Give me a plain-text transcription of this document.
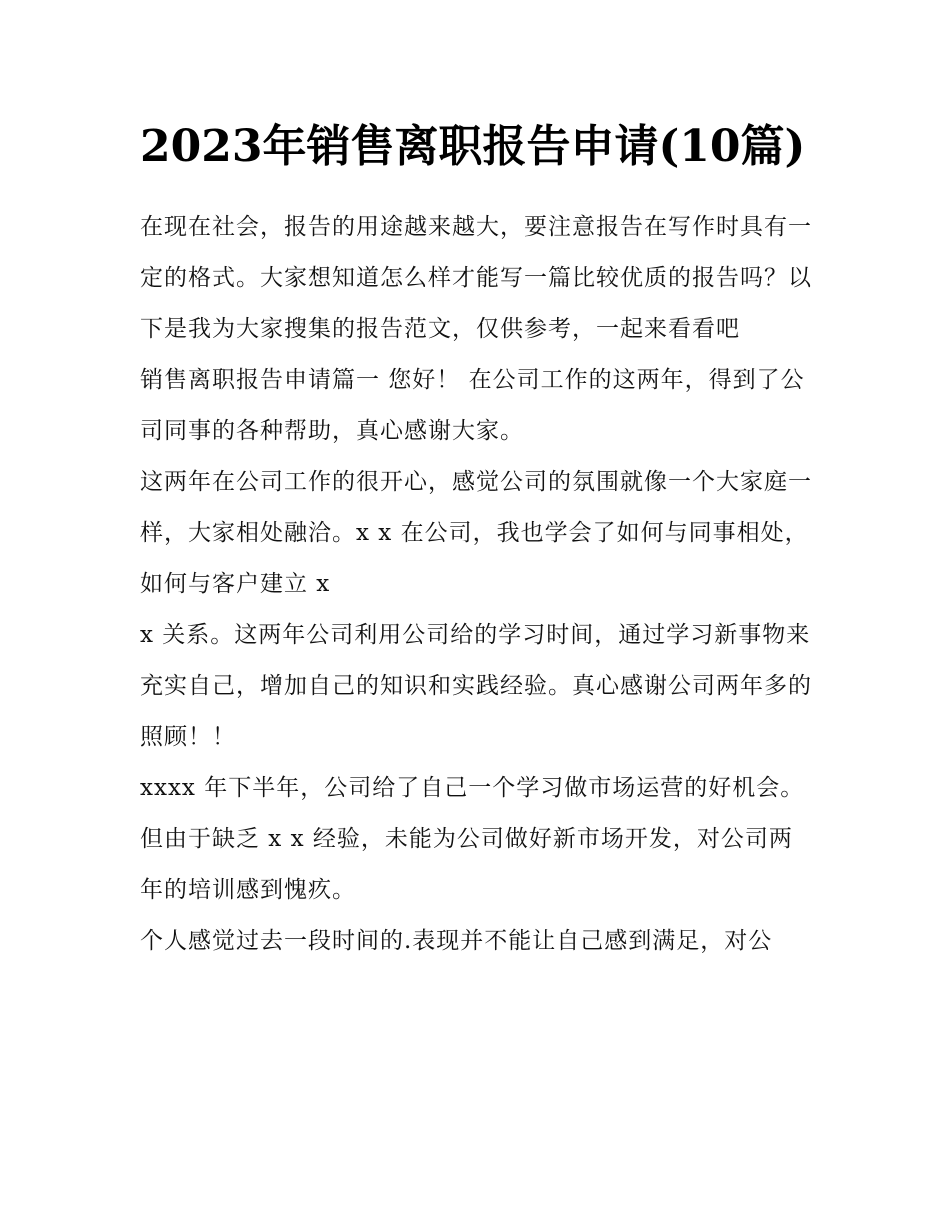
2023年销售离职报告申请(10篇)

在现在社会，报告的用途越来越大，要注意报告在写作时具有一定的格式。大家想知道怎么样才能写一篇比较优质的报告吗？以下是我为大家搜集的报告范文，仅供参考，一起来看看吧

销售离职报告申请篇一 您好！ 在公司工作的这两年，得到了公司同事的各种帮助，真心感谢大家。

这两年在公司工作的很开心，感觉公司的氛围就像一个大家庭一样，大家相处融洽。x x 在公司，我也学会了如何与同事相处，如何与客户建立 x

x 关系。这两年公司利用公司给的学习时间，通过学习新事物来充实自己，增加自己的知识和实践经验。真心感谢公司两年多的照顾！！

xxxx 年下半年，公司给了自己一个学习做市场运营的好机会。但由于缺乏 x x 经验，未能为公司做好新市场开发，对公司两年的培训感到愧疚。

个人感觉过去一段时间的.表现并不能让自己感到满足，对公
